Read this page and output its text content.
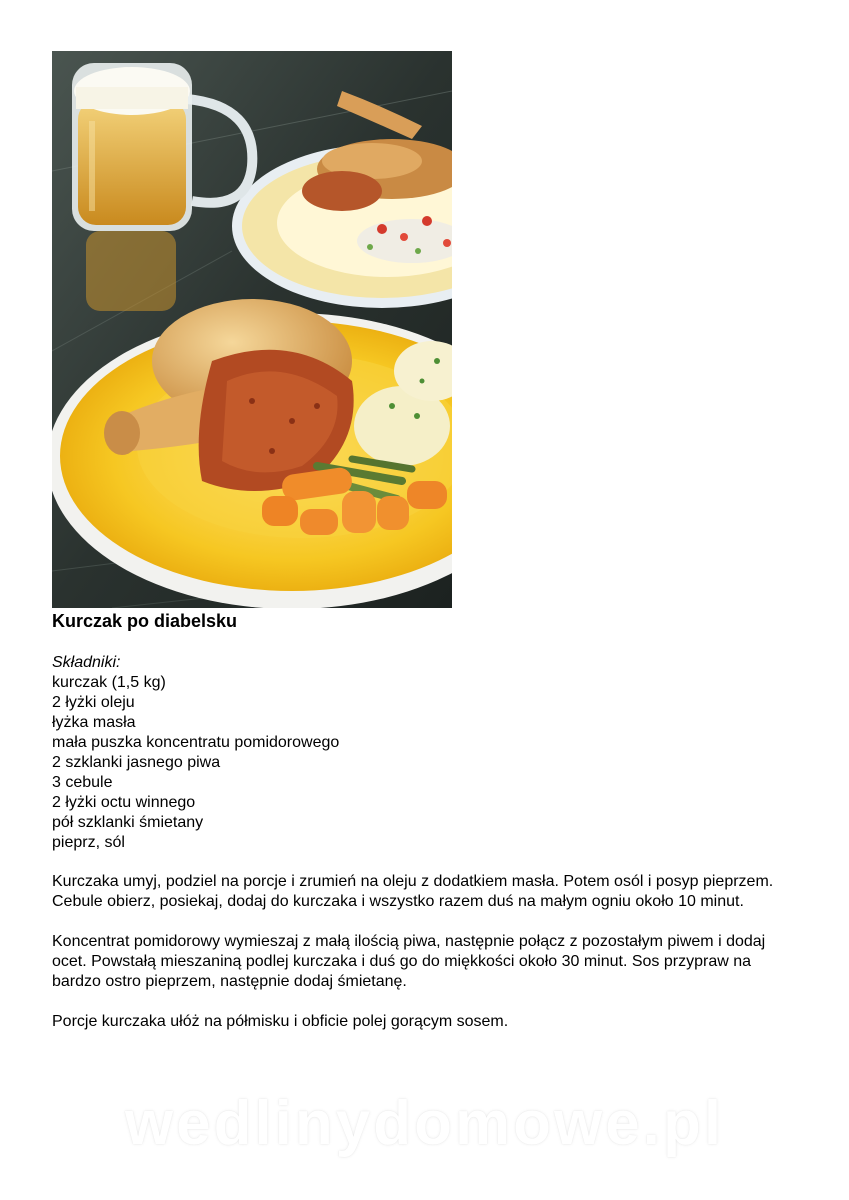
Kurczak po diabelsku
Składniki:
kurczak (1,5 kg)
2 łyżki oleju
łyżka masła
mała puszka koncentratu pomidorowego
2 szklanki jasnego piwa
3 cebule
2 łyżki octu winnego
pół szklanki śmietany
pieprz, sól

Kurczaka umyj, podziel na porcje i zrumień na oleju z dodatkiem masła. Potem osól i posyp pieprzem. Cebule obierz, posiekaj, dodaj do kurczaka i wszystko razem duś na małym ogniu około 10 minut.

Koncentrat pomidorowy wymieszaj z małą ilością piwa, następnie połącz z pozostałym piwem i dodaj ocet. Powstałą mieszaniną podlej kurczaka i duś go do miękkości około 30 minut. Sos przypraw na bardzo ostro pieprzem, następnie dodaj śmietanę.

Porcje kurczaka ułóż na półmisku i obficie polej gorącym sosem.

wedlinydomowe.pl
